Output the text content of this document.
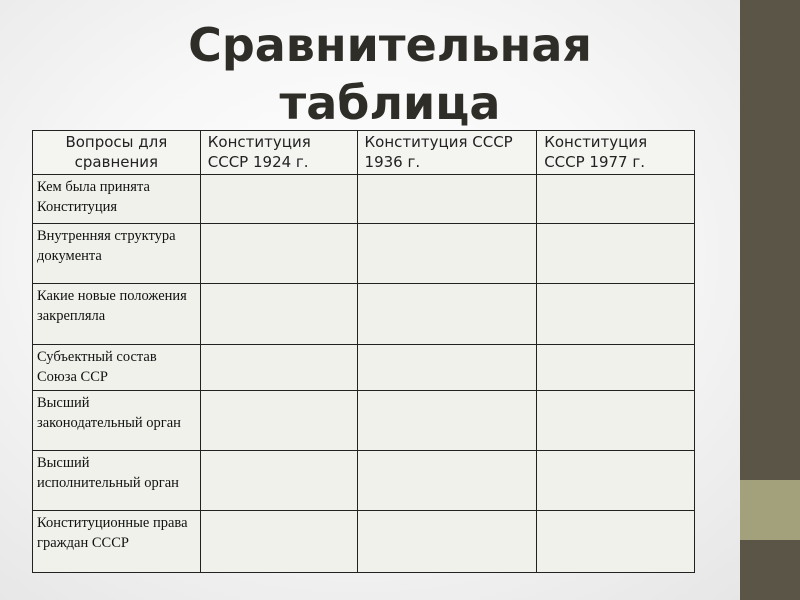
Сравнительная
таблица
Вопросы для сравнения	Конституция СССР 1924 г.	Конституция СССР 1936 г.	Конституция СССР 1977 г.
Кем была принята Конституция			
Внутренняя структура документа			
Какие новые положения закрепляла			
Субъектный состав Союза ССР			
Высший законодательный орган			
Высший исполнительный орган			
Конституционные права граждан СССР			
